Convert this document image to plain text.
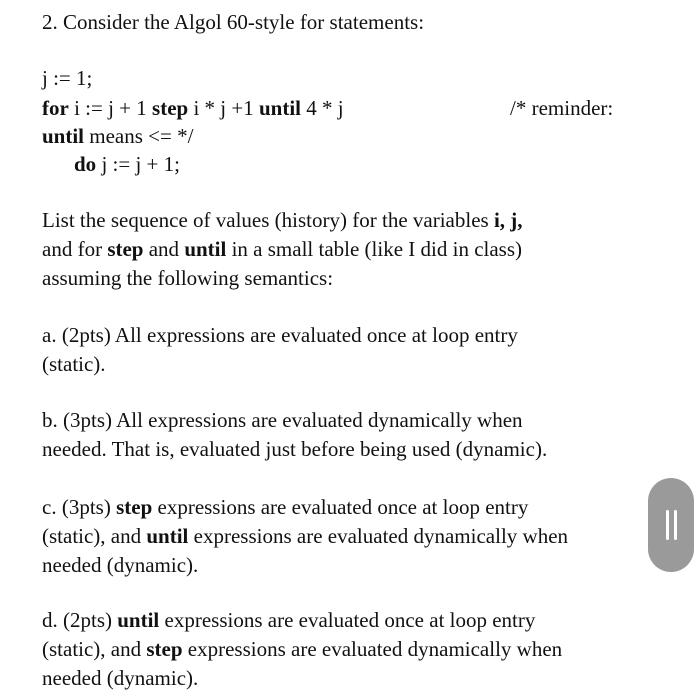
2. Consider the Algol 60-style for statements:
j := 1;
for i := j + 1 step i * j +1 until 4 * j	/* reminder:
until means <= */
do j := j + 1;
List the sequence of values (history) for the variables i, j,
and for step and until in a small table (like I did in class)
assuming the following semantics:
a. (2pts) All expressions are evaluated once at loop entry
(static).
b. (3pts) All expressions are evaluated dynamically when
needed. That is, evaluated just before being used (dynamic).
c. (3pts) step expressions are evaluated once at loop entry
(static), and until expressions are evaluated dynamically when
needed (dynamic).
d. (2pts) until expressions are evaluated once at loop entry
(static), and step expressions are evaluated dynamically when
needed (dynamic).
